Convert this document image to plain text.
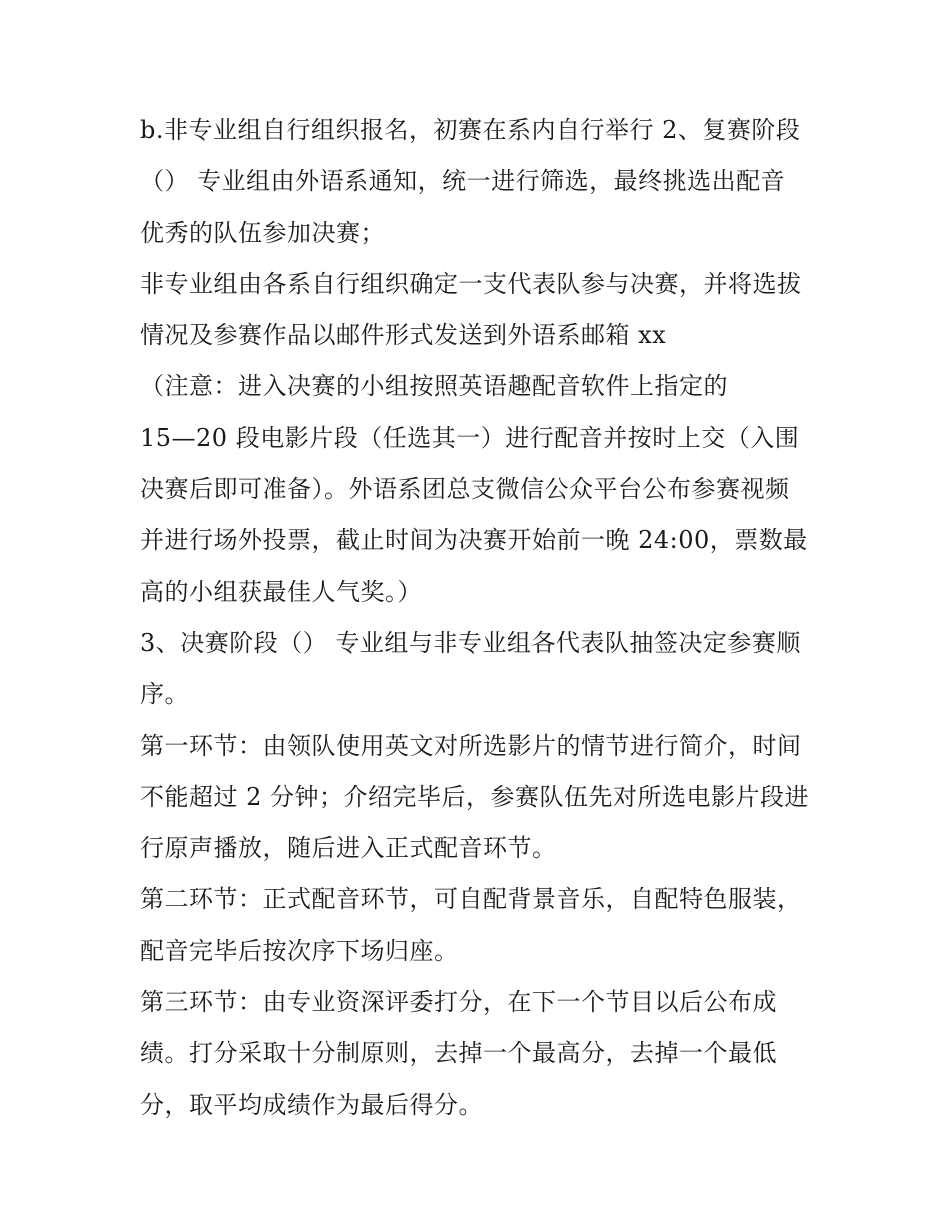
b.非专业组自行组织报名，初赛在系内自行举行 2、复赛阶段
（） 专业组由外语系通知，统一进行筛选，最终挑选出配音
优秀的队伍参加决赛；
非专业组由各系自行组织确定一支代表队参与决赛，并将选拔
情况及参赛作品以邮件形式发送到外语系邮箱 xx
（注意：进入决赛的小组按照英语趣配音软件上指定的
15—20 段电影片段（任选其一）进行配音并按时上交（入围
决赛后即可准备）。外语系团总支微信公众平台公布参赛视频
并进行场外投票，截止时间为决赛开始前一晚 24:00，票数最
高的小组获最佳人气奖。）
3、决赛阶段（） 专业组与非专业组各代表队抽签决定参赛顺
序。
第一环节：由领队使用英文对所选影片的情节进行简介，时间
不能超过 2 分钟；介绍完毕后，参赛队伍先对所选电影片段进
行原声播放，随后进入正式配音环节。
第二环节：正式配音环节，可自配背景音乐，自配特色服装，
配音完毕后按次序下场归座。
第三环节：由专业资深评委打分，在下一个节目以后公布成
绩。打分采取十分制原则，去掉一个最高分，去掉一个最低
分，取平均成绩作为最后得分。
